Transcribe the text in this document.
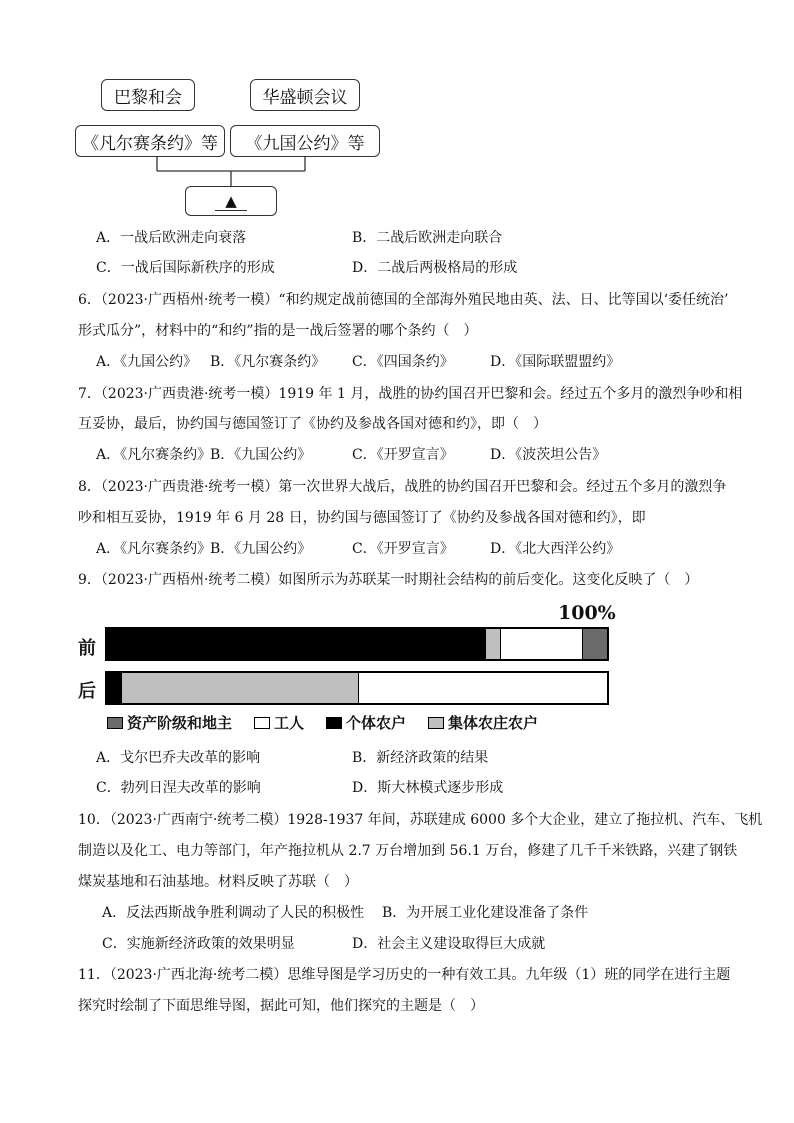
巴黎和会	华盛顿会议
《凡尔赛条约》等	《九国公约》等
▲
A．一战后欧洲走向衰落	B．二战后欧洲走向联合
C．一战后国际新秩序的形成	D．二战后两极格局的形成
6．（2023·广西梧州·统考一模）“和约规定战前德国的全部海外殖民地由英、法、日、比等国以‘委任统治’
形式瓜分”，材料中的“和约”指的是一战后签署的哪个条约（　）
A．《九国公约》 B．《凡尔赛条约》 C．《四国条约》	D．《国际联盟盟约》
7．（2023·广西贵港·统考一模）1919 年 1 月，战胜的协约国召开巴黎和会。经过五个多月的激烈争吵和相
互妥协，最后，协约国与德国签订了《协约及参战各国对德和约》，即（　）
A．《凡尔赛条约》
B．《九国公约》	C．《开罗宣言》	D．《波茨坦公告》
8．（2023·广西贵港·统考一模）第一次世界大战后，战胜的协约国召开巴黎和会。经过五个多月的激烈争
吵和相互妥协，1919 年 6 月 28 日，协约国与德国签订了《协约及参战各国对德和约》，即
A．《凡尔赛条约》
B．《九国公约》	C．《开罗宣言》	D．《北大西洋公约》
9．（2023·广西梧州·统考二模）如图所示为苏联某一时期社会结构的前后变化。这变化反映了（　）
100%
前
后
资产阶级和地主	工人	个体农户	集体农庄农户
A．戈尔巴乔夫改革的影响	B．新经济政策的结果
C．勃列日涅夫改革的影响	D．斯大林模式逐步形成
10．（2023·广西南宁·统考二模）1928-1937 年间，苏联建成 6000 多个大企业，建立了拖拉机、汽车、飞机
制造以及化工、电力等部门，年产拖拉机从 2.7 万台增加到 56.1 万台，修建了几千千米铁路，兴建了钢铁
煤炭基地和石油基地。材料反映了苏联（　）
A．反法西斯战争胜利调动了人民的积极性 B．为开展工业化建设准备了条件
C．实施新经济政策的效果明显	D．社会主义建设取得巨大成就
11．（2023·广西北海·统考二模）思维导图是学习历史的一种有效工具。九年级（1）班的同学在进行主题
探究时绘制了下面思维导图，据此可知，他们探究的主题是（　）
